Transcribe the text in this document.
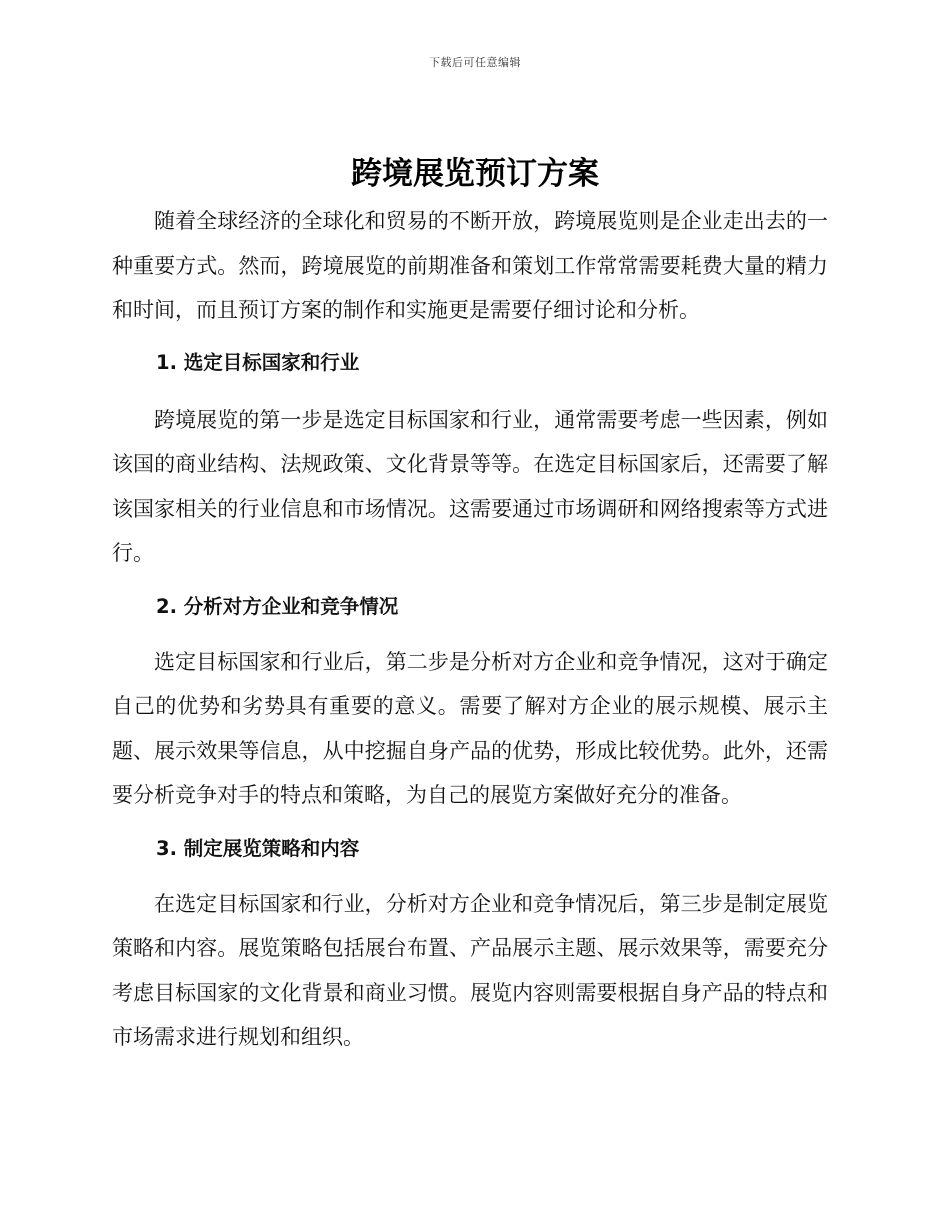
下载后可任意编辑
跨境展览预订方案

随着全球经济的全球化和贸易的不断开放，跨境展览则是企业走出去的一种重要方式。然而，跨境展览的前期准备和策划工作常常需要耗费大量的精力和时间，而且预订方案的制作和实施更是需要仔细讨论和分析。

1. 选定目标国家和行业

跨境展览的第一步是选定目标国家和行业，通常需要考虑一些因素，例如该国的商业结构、法规政策、文化背景等等。在选定目标国家后，还需要了解该国家相关的行业信息和市场情况。这需要通过市场调研和网络搜索等方式进行。

2. 分析对方企业和竞争情况

选定目标国家和行业后，第二步是分析对方企业和竞争情况，这对于确定自己的优势和劣势具有重要的意义。需要了解对方企业的展示规模、展示主题、展示效果等信息，从中挖掘自身产品的优势，形成比较优势。此外，还需要分析竞争对手的特点和策略，为自己的展览方案做好充分的准备。

3. 制定展览策略和内容

在选定目标国家和行业，分析对方企业和竞争情况后，第三步是制定展览策略和内容。展览策略包括展台布置、产品展示主题、展示效果等，需要充分考虑目标国家的文化背景和商业习惯。展览内容则需要根据自身产品的特点和市场需求进行规划和组织。
